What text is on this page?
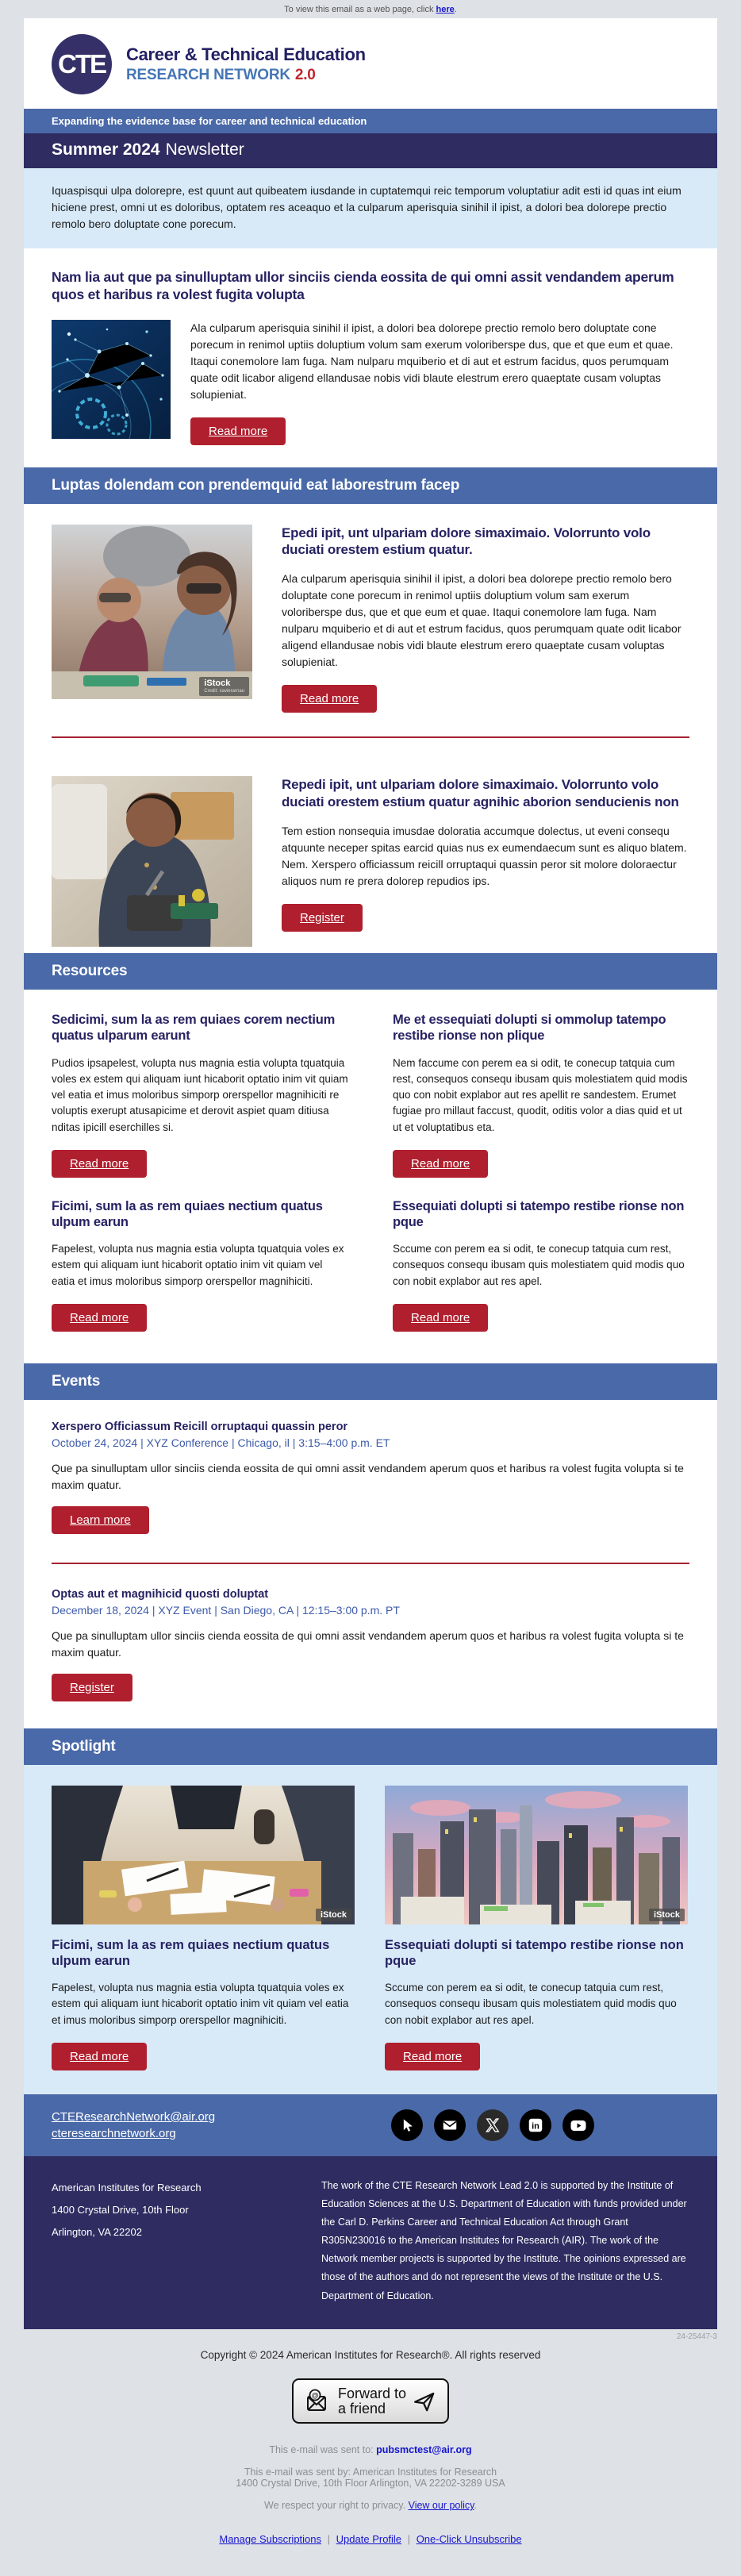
To view this email as a web page, click here.
CTE Career & Technical Education
RESEARCH NETWORK 2.0
Expanding the evidence base for career and technical education
Summer 2024 Newsletter
Iquaspisqui ulpa dolorepre, est quunt aut quibeatem iusdande in cuptatemqui reic temporum voluptatiur adit esti id quas int eium hiciene prest, omni ut es doloribus, optatem res aceaquo et la culparum aperisquia sinihil il ipist, a dolori bea dolorepe prectio remolo bero doluptate cone porecum.
Nam lia aut que pa sinulluptam ullor sinciis cienda eossita de qui omni assit vendandem aperum quos et haribus ra volest fugita volupta

Ala culparum aperisquia sinihil il ipist, a dolori bea dolorepe prectio remolo bero doluptate cone porecum in renimol uptiis doluptium volum sam exerum voloriberspe dus, que et que eum et quae. Itaqui conemolore lam fuga. Nam nulparu mquiberio et di aut et estrum facidus, quos perumquam quate odit licabor aligend ellandusae nobis vidi blaute elestrum erero quaeptate cusam voluptas solupieniat.

Read more
Luptas dolendam con prendemquid eat laborestrum facep
iStock
Credit: xavierarnau
Epedi ipit, unt ulpariam dolore simaximaio. Volorrunto volo duciati orestem estium quatur.

Ala culparum aperisquia sinihil il ipist, a dolori bea dolorepe prectio remolo bero doluptate cone porecum in renimol uptiis doluptium volum sam exerum voloriberspe dus, que et que eum et quae. Itaqui conemolore lam fuga. Nam nulparu mquiberio et di aut et estrum facidus, quos perumquam quate odit licabor aligend ellandusae nobis vidi blaute elestrum erero quaeptate cusam voluptas solupieniat.

Read more
Repedi ipit, unt ulpariam dolore simaximaio. Volorrunto volo duciati orestem estium quatur agnihic aborion senducienis non

Tem estion nonsequia imusdae doloratia accumque dolectus, ut eveni consequ atquunte neceper spitas earcid quias nus ex eumendaecum sunt es aliquo blatem. Nem. Xerspero officiassum reicill orruptaqui quassin peror sit molore doloraectur aliquos num re prera dolorep repudios ips.

Register
Resources
Sedicimi, sum la as rem quiaes corem nectium quatus ulparum earunt

Pudios ipsapelest, volupta nus magnia estia volupta tquatquia voles ex estem qui aliquam iunt hicaborit optatio inim vit quiam vel eatia et imus moloribus simporp orerspellor magnihiciti re voluptis exerupt atusapicime et derovit aspiet quam ditiusa nditas ipicill eserchilles si.

Read more
Me et essequiati dolupti si ommolup tatempo restibe rionse non plique

Nem faccume con perem ea si odit, te conecup tatquia cum rest, consequos consequ ibusam quis molestiatem quid modis quo con nobit explabor aut res apellit re sandestem. Erumet fugiae pro millaut faccust, quodit, oditis volor a dias quid et ut ut et voluptatibus eta.

Read more
Ficimi, sum la as rem quiaes nectium quatus ulpum earun

Fapelest, volupta nus magnia estia volupta tquatquia voles ex estem qui aliquam iunt hicaborit optatio inim vit quiam vel eatia et imus moloribus simporp orerspellor magnihiciti.

Read more
Essequiati dolupti si tatempo restibe rionse non pque

Sccume con perem ea si odit, te conecup tatquia cum rest, consequos consequ ibusam quis molestiatem quid modis quo con nobit explabor aut res apel.

Read more
Events
Xerspero Officiassum Reicill orruptaqui quassin peror
October 24, 2024 | XYZ Conference | Chicago, il | 3:15–4:00 p.m. ET

Que pa sinulluptam ullor sinciis cienda eossita de qui omni assit vendandem aperum quos et haribus ra volest fugita volupta si te maxim quatur.

Learn more
Optas aut et magnihicid quosti doluptat
December 18, 2024 | XYZ Event | San Diego, CA | 12:15–3:00 p.m. PT

Que pa sinulluptam ullor sinciis cienda eossita de qui omni assit vendandem aperum quos et haribus ra volest fugita volupta si te maxim quatur.

Register
Spotlight
iStock
Ficimi, sum la as rem quiaes nectium quatus ulpum earun

Fapelest, volupta nus magnia estia volupta tquatquia voles ex estem qui aliquam iunt hicaborit optatio inim vit quiam vel eatia et imus moloribus simporp orerspellor magnihiciti.

Read more
iStock
Essequiati dolupti si tatempo restibe rionse non pque

Sccume con perem ea si odit, te conecup tatquia cum rest, consequos consequ ibusam quis molestiatem quid modis quo con nobit explabor aut res apel.

Read more
CTEResearchNetwork@air.org
cteresearchnetwork.org
in
American Institutes for Research
1400 Crystal Drive, 10th Floor
Arlington, VA 22202
The work of the CTE Research Network Lead 2.0 is supported by the Institute of Education Sciences at the U.S. Department of Education with funds provided under the Carl D. Perkins Career and Technical Education Act through Grant R305N230016 to the American Institutes for Research (AIR). The work of the Network member projects is supported by the Institute. The opinions expressed are those of the authors and do not represent the views of the Institute or the U.S. Department of Education.
24-25447-3
Copyright © 2024 American Institutes for Research®. All rights reserved
@ Forward to
a friend
This e-mail was sent to: pubsmctest@air.org
This e-mail was sent by: American Institutes for Research
1400 Crystal Drive, 10th Floor Arlington, VA 22202-3289 USA
We respect your right to privacy. View our policy.
Manage Subscriptions | Update Profile | One-Click Unsubscribe
